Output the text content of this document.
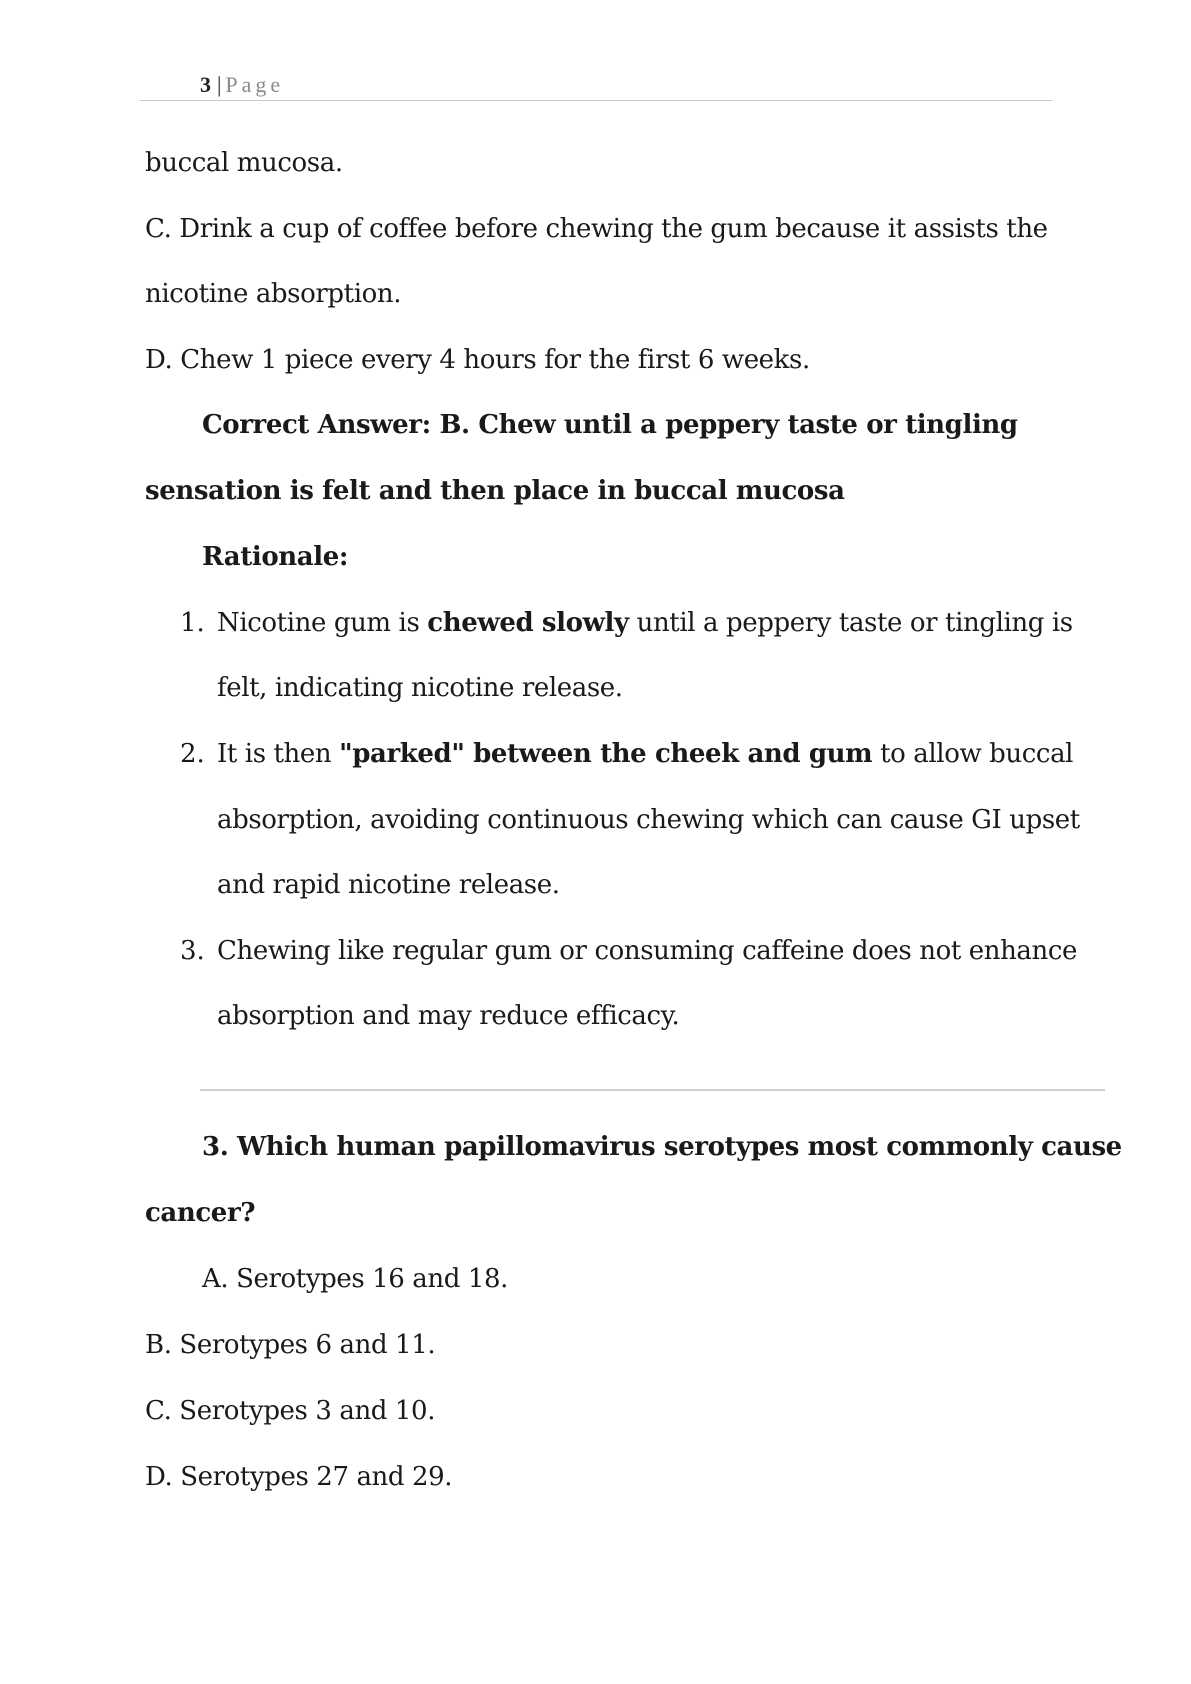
3 | Page
buccal mucosa.
C. Drink a cup of coffee before chewing the gum because it assists the
nicotine absorption.
D. Chew 1 piece every 4 hours for the first 6 weeks.
Correct Answer: B. Chew until a peppery taste or tingling
sensation is felt and then place in buccal mucosa
Rationale:
1. Nicotine gum is chewed slowly until a peppery taste or tingling is
felt, indicating nicotine release.
2. It is then "parked" between the cheek and gum to allow buccal
absorption, avoiding continuous chewing which can cause GI upset
and rapid nicotine release.
3. Chewing like regular gum or consuming caffeine does not enhance
absorption and may reduce efficacy.
3. Which human papillomavirus serotypes most commonly cause
cancer?
A. Serotypes 16 and 18.
B. Serotypes 6 and 11.
C. Serotypes 3 and 10.
D. Serotypes 27 and 29.
